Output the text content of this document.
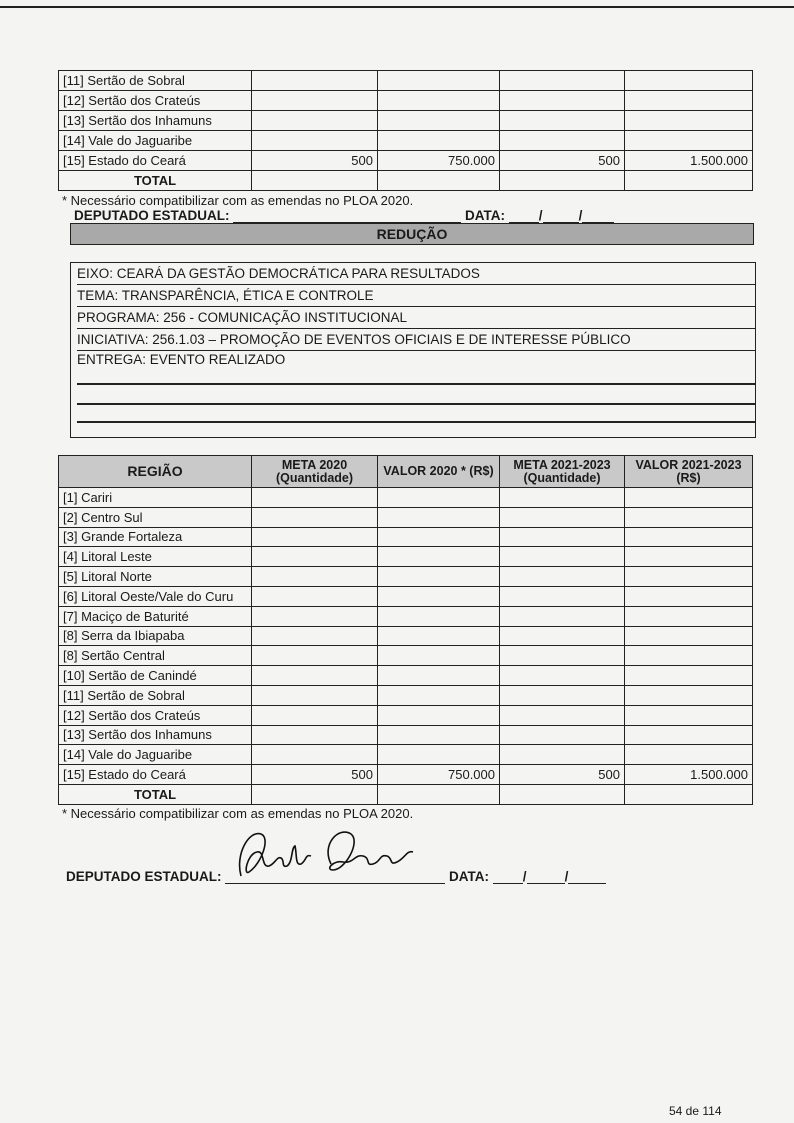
[11] Sertão de Sobral				
[12] Sertão dos Crateús				
[13] Sertão dos Inhamuns				
[14] Vale do Jaguaribe				
[15] Estado do Ceará	500	750.000	500	1.500.000
TOTAL				
* Necessário compatibilizar com as emendas no PLOA 2020.
DEPUTADO ESTADUAL:	DATA:	/	/
REDUÇÃO
EIXO: CEARÁ DA GESTÃO DEMOCRÁTICA PARA RESULTADOS
TEMA: TRANSPARÊNCIA, ÉTICA E CONTROLE
PROGRAMA: 256 - COMUNICAÇÃO INSTITUCIONAL
INICIATIVA: 256.1.03 – PROMOÇÃO DE EVENTOS OFICIAIS E DE INTERESSE PÚBLICO
ENTREGA: EVENTO REALIZADO
REGIÃO	META 2020 (Quantidade)	VALOR 2020 * (R$)	META 2021-2023 (Quantidade)	VALOR 2021-2023 (R$)
[1] Cariri				
[2] Centro Sul				
[3] Grande Fortaleza				
[4] Litoral Leste				
[5] Litoral Norte				
[6] Litoral Oeste/Vale do Curu				
[7] Maciço de Baturité				
[8] Serra da Ibiapaba				
[8] Sertão Central				
[10] Sertão de Canindé				
[11] Sertão de Sobral				
[12] Sertão dos Crateús				
[13] Sertão dos Inhamuns				
[14] Vale do Jaguaribe				
[15] Estado do Ceará	500	750.000	500	1.500.000
TOTAL				
* Necessário compatibilizar com as emendas no PLOA 2020.
DEPUTADO ESTADUAL:	DATA:	/	/
54 de 114
